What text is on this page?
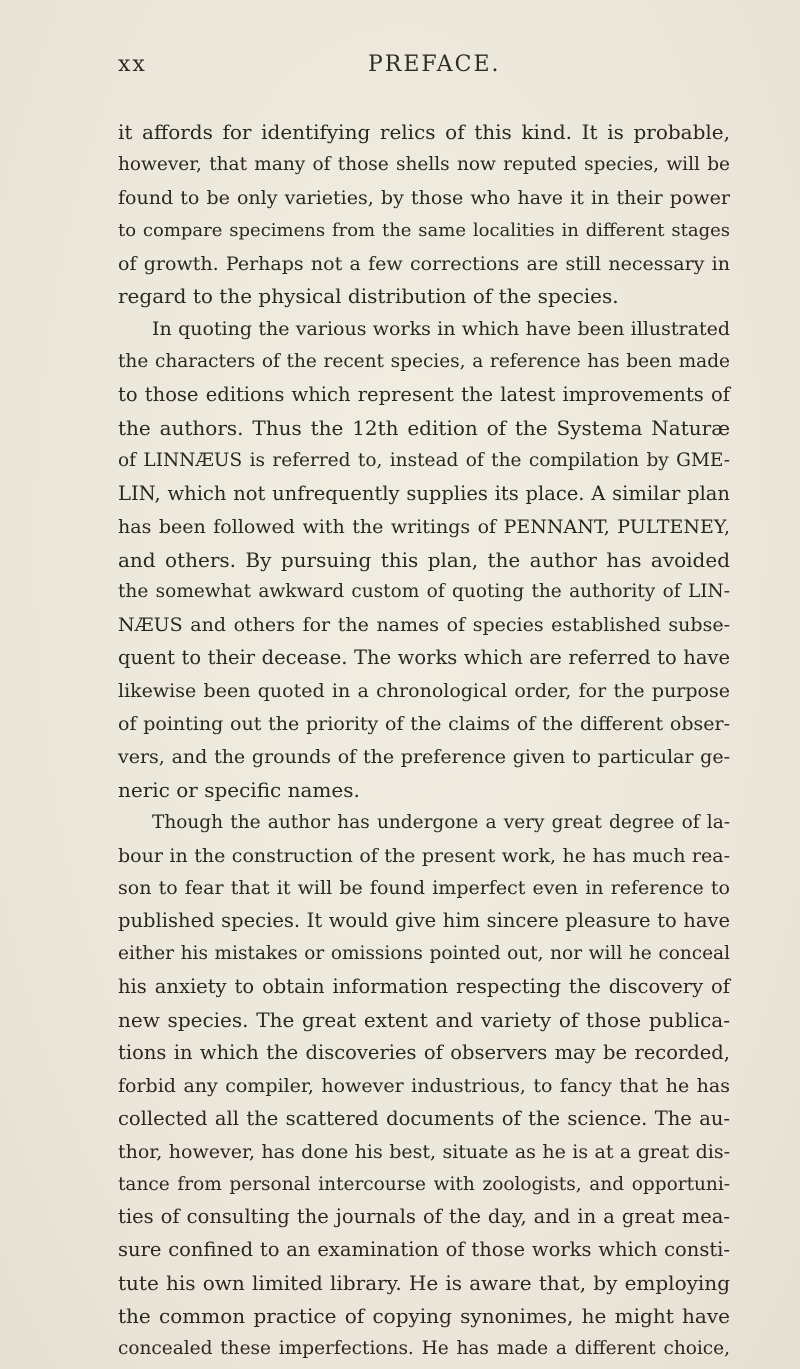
xx	PREFACE.
it affords for identifying relics of this kind. It is probable,
however, that many of those shells now reputed species, will be
found to be only varieties, by those who have it in their power
to compare specimens from the same localities in different stages
of growth. Perhaps not a few corrections are still necessary in
regard to the physical distribution of the species.
In quoting the various works in which have been illustrated
the characters of the recent species, a reference has been made
to those editions which represent the latest improvements of
the authors. Thus the 12th edition of the Systema Naturæ
of LINNÆUS is referred to, instead of the compilation by GME-
LIN, which not unfrequently supplies its place. A similar plan
has been followed with the writings of PENNANT, PULTENEY,
and others. By pursuing this plan, the author has avoided
the somewhat awkward custom of quoting the authority of LIN-
NÆUS and others for the names of species established subse-
quent to their decease. The works which are referred to have
likewise been quoted in a chronological order, for the purpose
of pointing out the priority of the claims of the different obser-
vers, and the grounds of the preference given to particular ge-
neric or specific names.
Though the author has undergone a very great degree of la-
bour in the construction of the present work, he has much rea-
son to fear that it will be found imperfect even in reference to
published species. It would give him sincere pleasure to have
either his mistakes or omissions pointed out, nor will he conceal
his anxiety to obtain information respecting the discovery of
new species. The great extent and variety of those publica-
tions in which the discoveries of observers may be recorded,
forbid any compiler, however industrious, to fancy that he has
collected all the scattered documents of the science. The au-
thor, however, has done his best, situate as he is at a great dis-
tance from personal intercourse with zoologists, and opportuni-
ties of consulting the journals of the day, and in a great mea-
sure confined to an examination of those works which consti-
tute his own limited library. He is aware that, by employing
the common practice of copying synonimes, he might have
concealed these imperfections. He has made a different choice,
